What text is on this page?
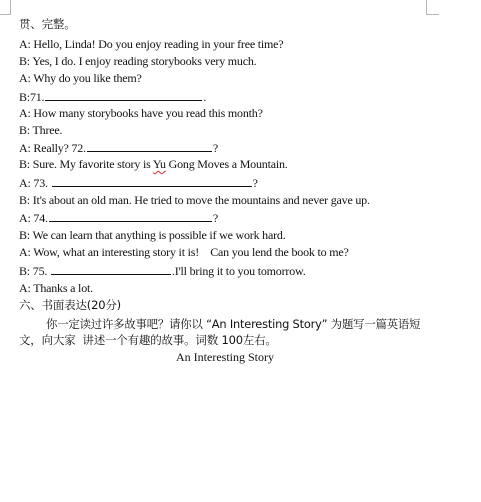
贯、完整。
A: Hello, Linda! Do you enjoy reading in your free time?
B: Yes, I do. I enjoy reading storybooks very much.
A: Why do you like them?
B:71.	.
A: How many storybooks have you read this month?
B: Three.
A: Really? 72.	?
B: Sure. My favorite story is Yu Gong Moves a Mountain.
A: 73.	?
B: It's about an old man. He tried to move the mountains and never gave up.
A: 74.	?
B: We can learn that anything is possible if we work hard.
A: Wow, what an interesting story it is!    Can you lend the book to me?
B: 75.	.I'll bring it to you tomorrow.
A: Thanks a lot.
六、书面表达(20分)
你一定读过许多故事吧？请你以 “An Interesting Story” 为题写一篇英语短
文，向大家  讲述一个有趣的故事。词数 100左右。
An Interesting Story
